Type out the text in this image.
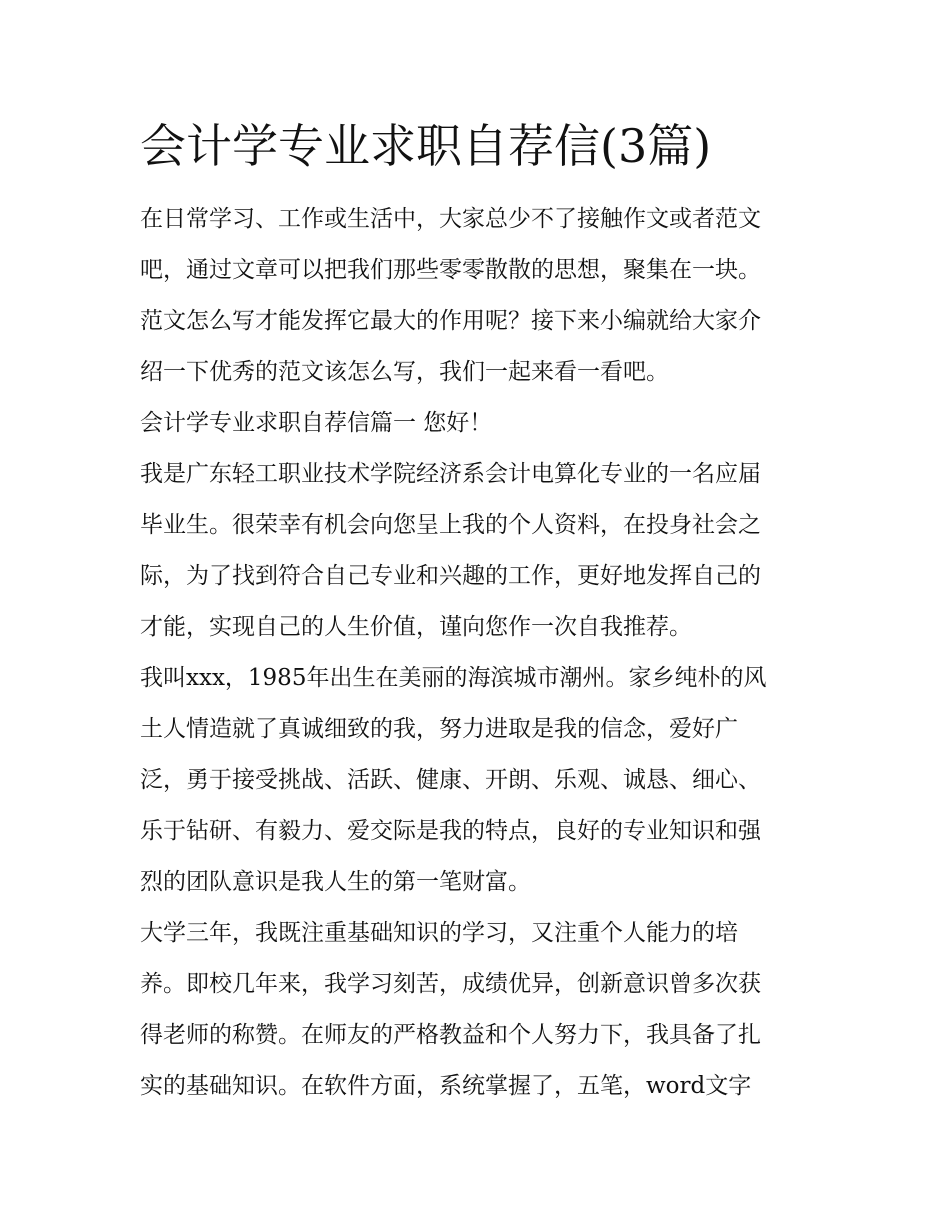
会计学专业求职自荐信(3篇)

在日常学习、工作或生活中，大家总少不了接触作文或者范文
吧，通过文章可以把我们那些零零散散的思想，聚集在一块。
范文怎么写才能发挥它最大的作用呢？接下来小编就给大家介
绍一下优秀的范文该怎么写，我们一起来看一看吧。

会计学专业求职自荐信篇一 您好！

我是广东轻工职业技术学院经济系会计电算化专业的一名应届
毕业生。很荣幸有机会向您呈上我的个人资料，在投身社会之
际，为了找到符合自己专业和兴趣的工作，更好地发挥自己的
才能，实现自己的人生价值，谨向您作一次自我推荐。

我叫xxx，1985年出生在美丽的海滨城市潮州。家乡纯朴的风
土人情造就了真诚细致的我，努力进取是我的信念，爱好广
泛，勇于接受挑战、活跃、健康、开朗、乐观、诚恳、细心、
乐于钻研、有毅力、爱交际是我的特点，良好的专业知识和强
烈的团队意识是我人生的第一笔财富。

大学三年，我既注重基础知识的学习，又注重个人能力的培
养。即校几年来，我学习刻苦，成绩优异，创新意识曾多次获
得老师的称赞。在师友的严格教益和个人努力下，我具备了扎
实的基础知识。在软件方面，系统掌握了，五笔，word文字
